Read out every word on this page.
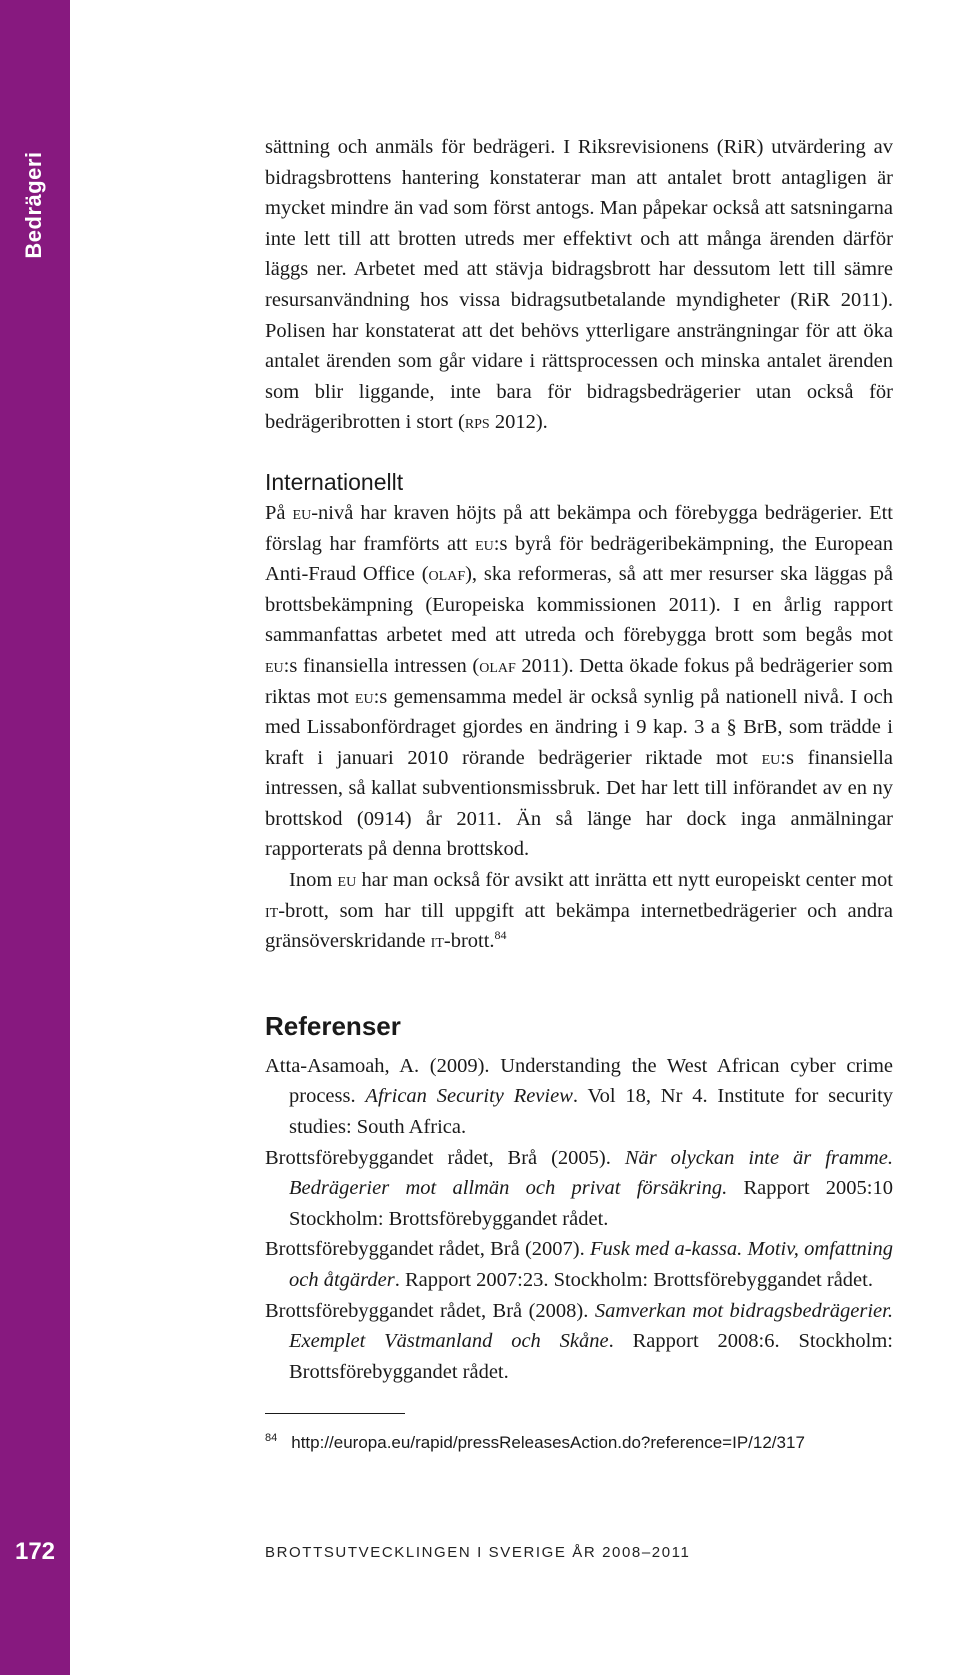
Bedrägeri
172

sättning och anmäls för bedrägeri. I Riksrevisionens (RiR) utvärdering av bidragsbrottens hantering konstaterar man att antalet brott antagligen är mycket mindre än vad som först antogs. Man påpekar också att satsningarna inte lett till att brotten utreds mer effektivt och att många ärenden därför läggs ner. Arbetet med att stävja bidragsbrott har dessutom lett till sämre resursanvändning hos vissa bidragsutbetalande myndigheter (RiR 2011). Polisen har konstaterat att det behövs ytterligare ansträngningar för att öka antalet ärenden som går vidare i rättsprocessen och minska antalet ärenden som blir liggande, inte bara för bidragsbedrägerier utan också för bedrägeribrotten i stort (rps 2012).

Internationellt

På eu-nivå har kraven höjts på att bekämpa och förebygga bedrägerier. Ett förslag har framförts att eu:s byrå för bedrägeribekämpning, the European Anti-Fraud Office (olaf), ska reformeras, så att mer resurser ska läggas på brottsbekämpning (Europeiska kommissionen 2011). I en årlig rapport sammanfattas arbetet med att utreda och förebygga brott som begås mot eu:s finansiella intressen (olaf 2011). Detta ökade fokus på bedrägerier som riktas mot eu:s gemensamma medel är också synlig på nationell nivå. I och med Lissabonfördraget gjordes en ändring i 9 kap. 3 a § BrB, som trädde i kraft i januari 2010 rörande bedrägerier riktade mot eu:s finansiella intressen, så kallat subventionsmissbruk. Det har lett till införandet av en ny brottskod (0914) år 2011. Än så länge har dock inga anmälningar rapporterats på denna brottskod.

Inom eu har man också för avsikt att inrätta ett nytt europeiskt center mot it-brott, som har till uppgift att bekämpa internetbedrägerier och andra gränsöverskridande it-brott.$^{84}$

Referenser
Atta-Asamoah, A. (2009). Understanding the West African cyber crime process. African Security Review. Vol 18, Nr 4. Institute for security studies: South Africa.
Brottsförebyggandet rådet, Brå (2005). När olyckan inte är framme. Bedrägerier mot allmän och privat försäkring. Rapport 2005:10 Stockholm: Brottsförebyggandet rådet.
Brottsförebyggandet rådet, Brå (2007). Fusk med a-kassa. Motiv, omfattning och åtgärder. Rapport 2007:23. Stockholm: Brottsförebyggandet rådet.
Brottsförebyggandet rådet, Brå (2008). Samverkan mot bidragsbedrägerier. Exemplet Västmanland och Skåne. Rapport 2008:6. Stockholm: Brottsförebyggandet rådet.
$^{84}$ http://europa.eu/rapid/pressReleasesAction.do?reference=IP/12/317
BROTTSUTVECKLINGEN I SVERIGE ÅR 2008–2011
